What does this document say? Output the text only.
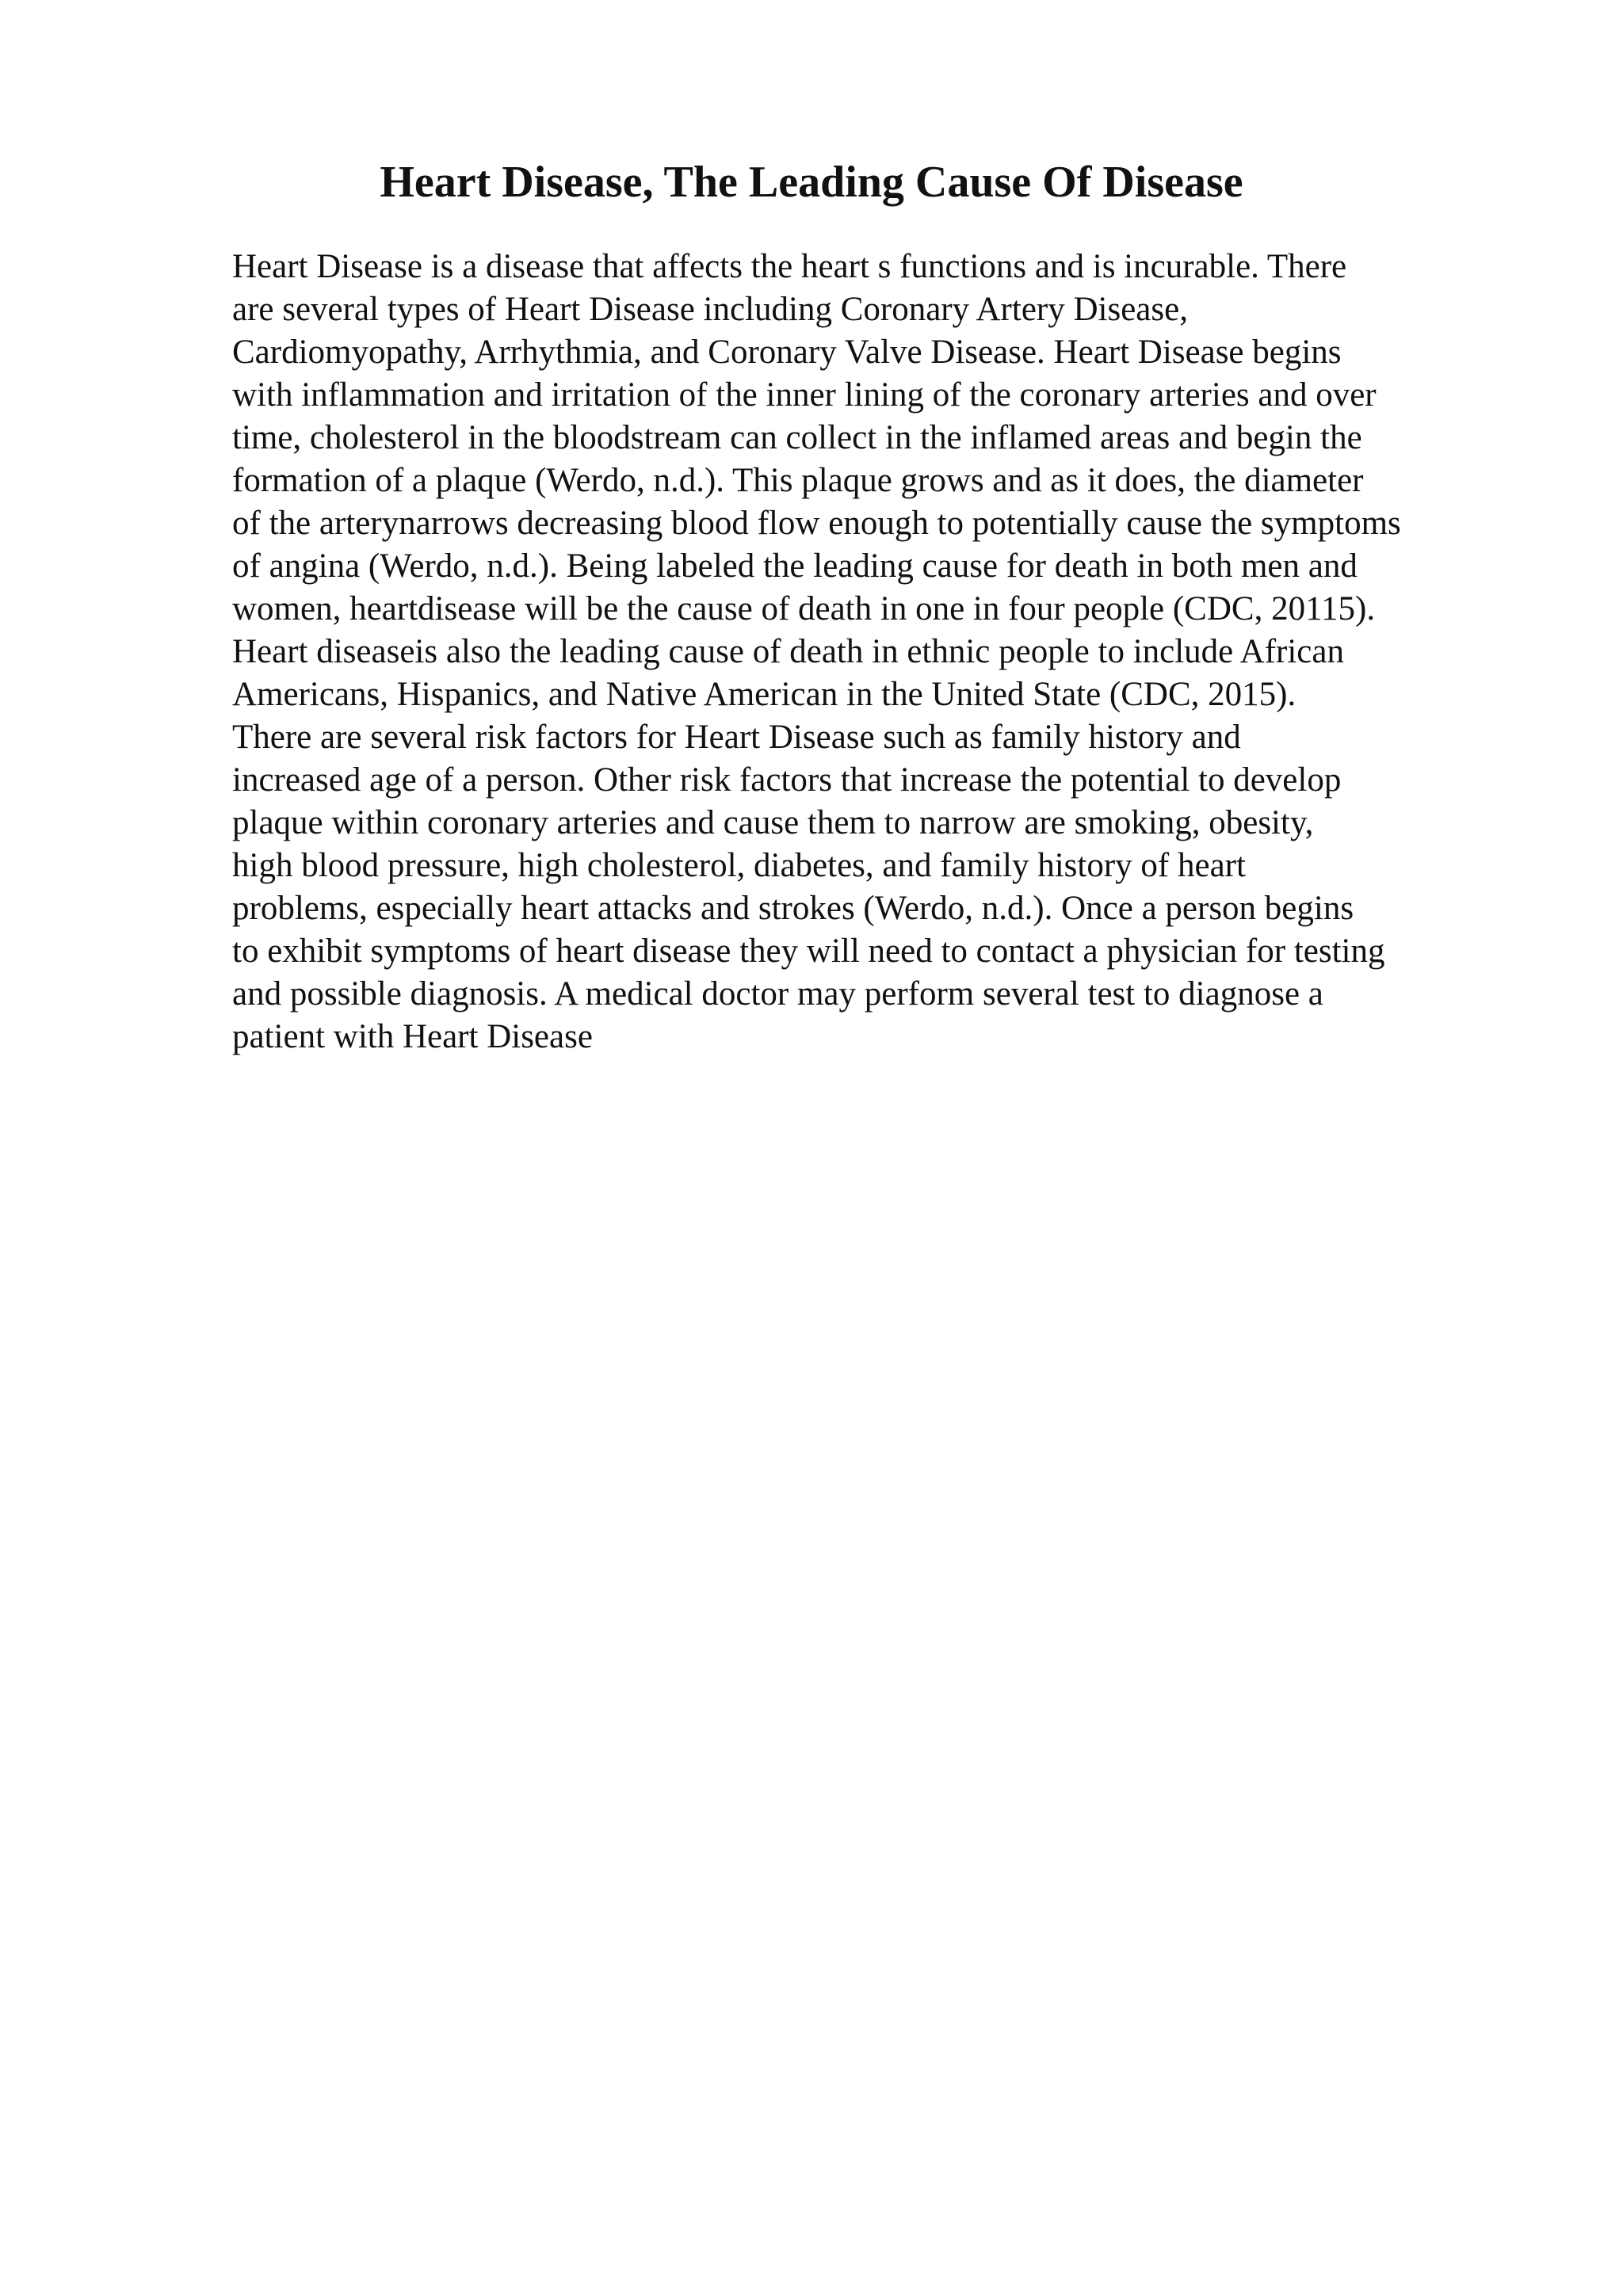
Heart Disease, The Leading Cause Of Disease
Heart Disease is a disease that affects the heart s functions and is incurable. There
are several types of Heart Disease including Coronary Artery Disease,
Cardiomyopathy, Arrhythmia, and Coronary Valve Disease. Heart Disease begins
with inflammation and irritation of the inner lining of the coronary arteries and over
time, cholesterol in the bloodstream can collect in the inflamed areas and begin the
formation of a plaque (Werdo, n.d.). This plaque grows and as it does, the diameter
of the arterynarrows decreasing blood flow enough to potentially cause the symptoms
of angina (Werdo, n.d.). Being labeled the leading cause for death in both men and
women, heartdisease will be the cause of death in one in four people (CDC, 20115).
Heart diseaseis also the leading cause of death in ethnic people to include African
Americans, Hispanics, and Native American in the United State (CDC, 2015).
There are several risk factors for Heart Disease such as family history and
increased age of a person. Other risk factors that increase the potential to develop
plaque within coronary arteries and cause them to narrow are smoking, obesity,
high blood pressure, high cholesterol, diabetes, and family history of heart
problems, especially heart attacks and strokes (Werdo, n.d.). Once a person begins
to exhibit symptoms of heart disease they will need to contact a physician for testing
and possible diagnosis. A medical doctor may perform several test to diagnose a
patient with Heart Disease
